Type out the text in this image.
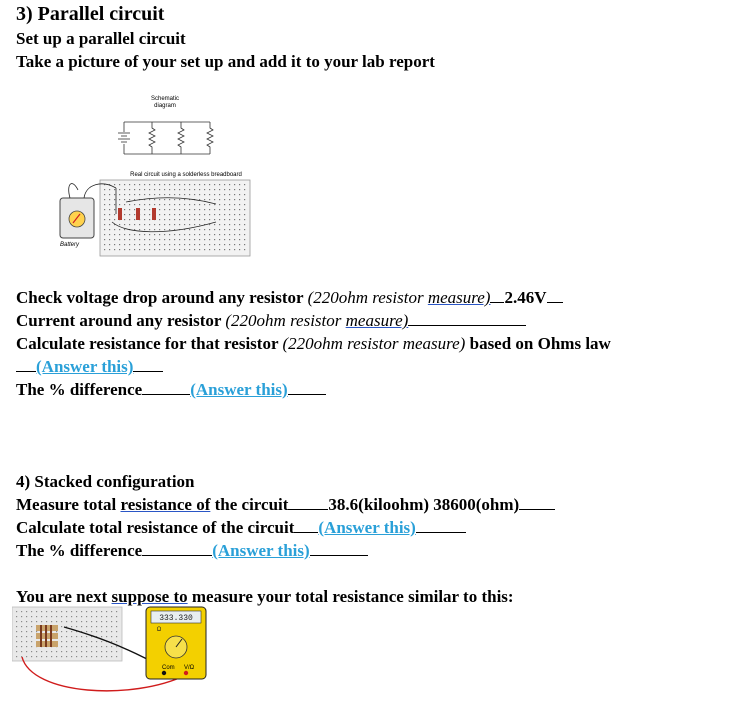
3) Parallel circuit
Set up a parallel circuit
Take a picture of your set up and add it to your lab report
Schematic
diagram
Real circuit using a solderless breadboard
Battery
Check voltage drop around any resistor (220ohm resistor measure) 2.46V
Current around any resistor (220ohm resistor measure)
Calculate resistance for that resistor (220ohm resistor measure) based on Ohms law
(Answer this)
The % difference	(Answer this)
4) Stacked configuration
Measure total resistance of the circuit 38.6(kiloohm) 38600(ohm)
Calculate total resistance of the circuit (Answer this)
The % difference	(Answer this)
You are next suppose to measure your total resistance similar to this:
333.330
Ω
Com V/Ω
